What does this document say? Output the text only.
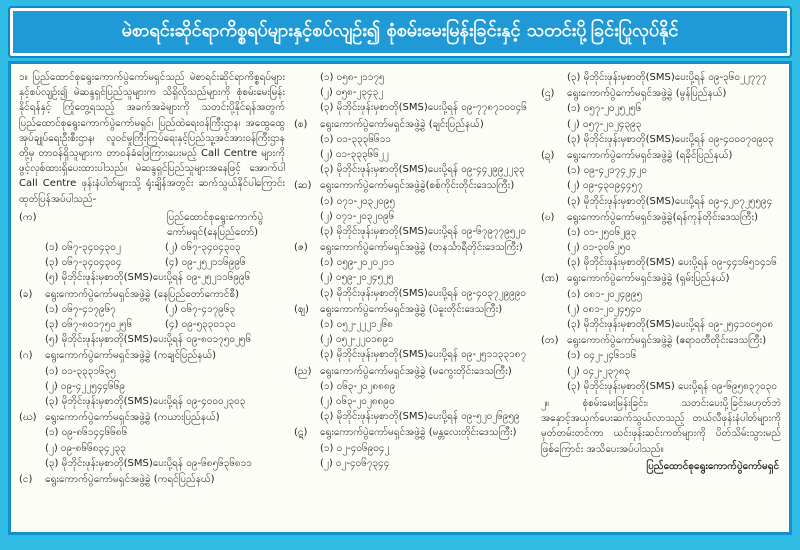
မဲစာရင်းဆိုင်ရာကိစ္စရပ်များနှင့်စပ်လျဉ်း၍ စုံစမ်းမေးမြန်းခြင်းနှင့် သတင်းပို့ခြင်းပြုလုပ်နိုင်

၁။ ပြည်ထောင်စုရွေးကောက်ပွဲကော်မရှင်သည် မဲစာရင်းဆိုင်ရာကိစ္စရပ်များနှင့်စပ်လျဉ်း၍ မဲဆန္ဒရှင်ပြည်သူများက သိရှိလိုသည်များကို စုံစမ်းမေးမြန်းနိုင်ရန်နှင့် ကြုံတွေ့ရသည့် အခက်အခဲများကို သတင်းပို့နိုင်ရန်အတွက် ပြည်ထောင်စုရွေးကောက်ပွဲကော်မရှင်၊ ပြည်ထဲရေးဝန်ကြီးဌာန၊ အထွေထွေအုပ်ချုပ်ရေးဦးစီးဌာန၊ လူဝင်မှုကြီးကြပ်ရေးနှင့်ပြည်သူ့အင်အားဝန်ကြီးဌာနတို့မှ တာဝန်ရှိသူများက တာဝန်ခံဖြေကြားပေးမည့် Call Centre များကို ဖွင့်လှစ်ထားရှိပေးထားပါသည်။ မဲဆန္ဒရှင်ပြည်သူများအနေဖြင့် အောက်ပါ Call Centre ဖုန်းနံပါတ်များသို့ ရုံးချိန်အတွင်း ဆက်သွယ်နိုင်ပါကြောင်း ထုတ်ပြန်အပ်ပါသည်-

(က)	ပြည်ထောင်စုရွေးကောက်ပွဲကော်မရှင်(နေပြည်တော်)
(၁) ၀၆၇-၃၄၀၄၃၀၂	(၂) ၀၆၇-၃၄၀၄၃၀၃
(၃) ၀၆၇-၃၄၀၄၃၀၄	(၄) ၀၉-၂၅၂၁၁၆၉၉၆
(၅) မိုဘိုင်းဖုန်းမှစာတို(SMS)ပေးပို့ရန် ၀၉-၂၅၂၁၁၆၉၉၆
(ခ)	ရွေးကောက်ပွဲကော်မရှင်အဖွဲ့ခွဲ (နေပြည်တော်ကောင်စီ)
(၁) ၀၆၇-၄၁၇၉၆၇	(၂) ၀၆၇-၄၁၇၉၆၃
(၃) ၀၆၇-၈၀၁၇၅၀၂၅၆	(၄) ၀၉-၅၃၃၀၁၃၀
(၅) မိုဘိုင်းဖုန်းမှစာတို(SMS)ပေးပို့ရန် ၀၉-၈၀၁၇၅၀၂၅၆
(ဂ)	ရွေးကောက်ပွဲကော်မရှင်အဖွဲ့ခွဲ (ကချင်ပြည်နယ်)
(၁) ၀၁-၃၃၃၁၆၃၅
(၂) ၀၉-၄၂၂၅၄၄၆၆၉
(၃) မိုဘိုင်းဖုန်းမှစာတို(SMS)ပေးပို့ရန် ၀၉-၄၀၀၀၂၃၀၃
(ဃ) ရွေးကောက်ပွဲကော်မရှင်အဖွဲ့ခွဲ (ကယားပြည်နယ်)
(၁) ၀၉-၈၆၁၄၄၆၆၈၆
(၂) ၀၉-၈၆၆၈၃၄၂၃၃
(၃) မိုဘိုင်းဖုန်းမှစာတို(SMS)ပေးပို့ရန် ၀၉-၆၈၅၆၃၆၈၁၁
(င)	ရွေးကောက်ပွဲကော်မရှင်အဖွဲ့ခွဲ (ကရင်ပြည်နယ်)
(၁) ၀၅၈-၂၁၁၇၅
(၂) ၀၅၈-၂၃၄၃၂
(၃) မိုဘိုင်းဖုန်းမှစာတို(SMS)ပေးပို့ရန် ၀၉-၇၇၈၇၁၀၀၄၆
(စ)	ရွေးကောက်ပွဲကော်မရှင်အဖွဲ့ခွဲ (ချင်းပြည်နယ်)
(၁) ၀၁-၃၃၃၆၆၁၁
(၂) ၀၁-၃၃၃၆၆၂၂
(၃) မိုဘိုင်းဖုန်းမှစာတို(SMS)ပေးပို့ရန် ၀၉-၄၄၂၉၉၂၂၃၃
(ဆ) ရွေးကောက်ပွဲကော်မရှင်အဖွဲ့ခွဲ(စစ်ကိုင်းတိုင်းဒေသကြီး)
(၁) ၀၇၁-၂၀၃၂၀၉၅
(၂) ၀၇၁-၂၀၃၂၀၉၆
(၃) မိုဘိုင်းဖုန်းမှစာတို(SMS)ပေးပို့ရန် ၀၉-၆၇၉၇၇၉၅၂၀
(ဇ)	ရွေးကောက်ပွဲကော်မရှင်အဖွဲ့ခွဲ (တနင်္သာရီတိုင်းဒေသကြီး)
(၁) ၀၅၉-၂၀၂၀၂၁၁
(၂) ၀၅၉-၂၀၂၄၅၂၅
(၃) မိုဘိုင်းဖုန်းမှစာတို(SMS)ပေးပို့ရန် ၀၉-၄၀၃၇၂၉၉၉၀
(ဈ)	ရွေးကောက်ပွဲကော်မရှင်အဖွဲ့ခွဲ (ပဲခူးတိုင်းဒေသကြီး)
(၁) ၀၅၂-၂၂၂၁၂၆၈
(၂) ၀၅၂-၂၂၀၁၈၉၁
(၃) မိုဘိုင်းဖုန်းမှစာတို(SMS)ပေးပို့ရန် ၀၉-၂၅၁၁၃၃၁၈၇
(ည) ရွေးကောက်ပွဲကော်မရှင်အဖွဲ့ခွဲ (မကွေးတိုင်းဒေသကြီး)
(၁) ၀၆၃-၂၀၂၈၈၈၉
(၂) ၀၆၃-၂၀၂၈၈၉၀
(၃) မိုဘိုင်းဖုန်းမှစာတို(SMS)ပေးပို့ရန် ၀၉-၅၂၀၂၆၉၅၉
(ဋ)	ရွေးကောက်ပွဲကော်မရှင်အဖွဲ့ခွဲ (မန္တလေးတိုင်းဒေသကြီး)
(၁) ၀၂-၄၀၆၉၀၄၂
(၂) ၀၂-၄၀၆၇၃၄၄
(၃) မိုဘိုင်းဖုန်းမှစာတို(SMS)ပေးပို့ရန် ၀၉-၃၆၀၂၂၇၇၇
(ဌ)	ရွေးကောက်ပွဲကော်မရှင်အဖွဲ့ခွဲ (မွန်ပြည်နယ်)
(၁) ၀၅၇-၂၀၂၅၂၅၆
(၂) ၀၅၇-၂၀၂၄၃၉၃
(၃) မိုဘိုင်းဖုန်းမှစာတို(SMS)ပေးပို့ရန် ၀၉-၄၀၀၀၇၀၉၀၃
(ဍ)	ရွေးကောက်ပွဲကော်မရှင်အဖွဲ့ခွဲ (ရခိုင်ပြည်နယ်)
(၁) ၀၉-၄၂၁၇၄၂၄၂၀
(၂) ၀၉-၄၃၀၉၄၄၅၇
(၃) မိုဘိုင်းဖုန်းမှစာတို(SMS)ပေးပို့ရန် ၀၉-၄၂၀၇၂၅၅၉၄
(ဎ)	ရွေးကောက်ပွဲကော်မရှင်အဖွဲ့ခွဲ(ရန်ကုန်တိုင်းဒေသကြီး)
(၁) ၀၁-၂၅၀၆၂၉၃
(၂) ၀၁-၃၀၆၂၅၀
(၃) မိုဘိုင်းဖုန်းမှစာတို(SMS) ပေးပို့ရန် ၀၉-၄၄၁၆၅၁၄၁၆
(ဏ) ရွေးကောက်ပွဲကော်မရှင်အဖွဲ့ခွဲ (ရှမ်းပြည်နယ်)
(၁) ၀၈၁-၂၀၂၄၉၉၅
(၂) ၀၈၁-၂၀၂၄၅၄၀
(၃) မိုဘိုင်းဖုန်းမှစာတို(SMS)ပေးပို့ရန် ၀၉-၂၅၄၁၀၀၅၀၈
(တ) ရွေးကောက်ပွဲကော်မရှင်အဖွဲ့ခွဲ (ဧရာဝတီတိုင်းဒေသကြီး)
(၁) ၀၄၂-၂၄၆၁၁၆
(၂) ၀၄၂-၂၃၇၈၃
(၃) မိုဘိုင်းဖုန်းမှစာတို(SMS) ပေးပို့ရန် ၀၉-၆၉၅၈၃၇၀၃၀

၂။ စုံစမ်းမေးမြန်းခြင်း၊ သတင်းပေးပို့ခြင်းမဟုတ်ဘဲ အနှောင့်အယှက်ပေးဆက်သွယ်လာသည့် တယ်လီဖုန်းနံပါတ်များကို မှတ်တမ်းတင်ကာ ယင်းဖုန်းဆင်းကတ်များကို ပိတ်သိမ်းသွားမည်ဖြစ်ကြောင်း အသိပေးအပ်ပါသည်။

ပြည်ထောင်စုရွေးကောက်ပွဲကော်မရှင်
